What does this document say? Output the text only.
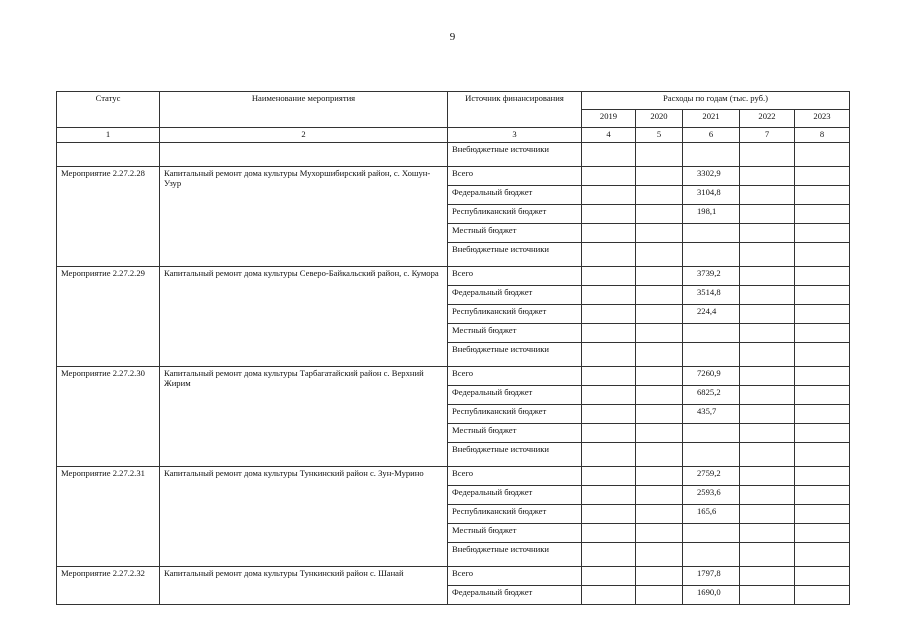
9
Статус	Наименование мероприятия	Источник финансирования	Расходы по годам (тыс. руб.)				
			2019	2020	2021	2022	2023
1	2	3	4	5	6	7	8
		Внебюджетные источники					
Мероприятие 2.27.2.28	Капитальный ремонт дома культуры Мухоршибирский район, с. Хошун-Узур	Всего			3302,9		
		Федеральный бюджет			3104,8		
		Республиканский бюджет			198,1		
		Местный бюджет					
		Внебюджетные источники					
Мероприятие 2.27.2.29	Капитальный ремонт дома культуры Северо-Байкальский район, с. Кумора	Всего			3739,2		
		Федеральный бюджет			3514,8		
		Республиканский бюджет			224,4		
		Местный бюджет					
		Внебюджетные источники					
Мероприятие 2.27.2.30	Капитальный ремонт дома культуры Тарбагатайский район с. Верхний Жирим	Всего			7260,9		
		Федеральный бюджет			6825,2		
		Республиканский бюджет			435,7		
		Местный бюджет					
		Внебюджетные источники					
Мероприятие 2.27.2.31	Капитальный ремонт дома культуры Тункинский район с. Зун-Мурино	Всего			2759,2		
		Федеральный бюджет			2593,6		
		Республиканский бюджет			165,6		
		Местный бюджет					
		Внебюджетные источники					
Мероприятие 2.27.2.32	Капитальный ремонт дома культуры Тункинский район с. Шанай	Всего			1797,8		
		Федеральный бюджет			1690,0		
